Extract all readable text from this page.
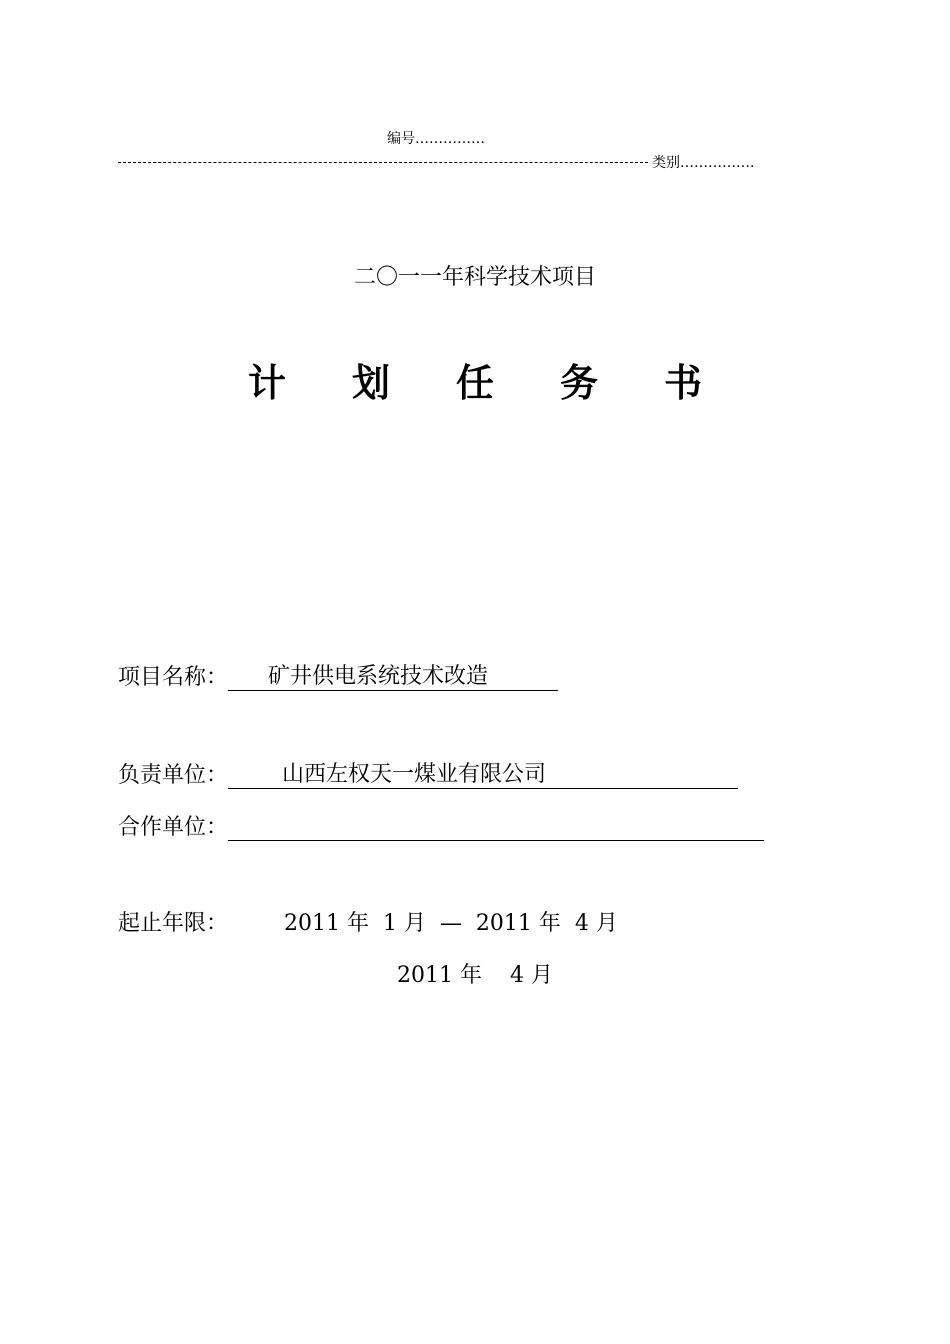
编号……………
类别…………….
二〇一一年科学技术项目
计划任务书
项目名称：	矿井供电系统技术改造
负责单位：	山西左权天一煤业有限公司
合作单位：
起止年限：	2011 年  1 月  —  2011 年  4 月
2011 年    4 月
